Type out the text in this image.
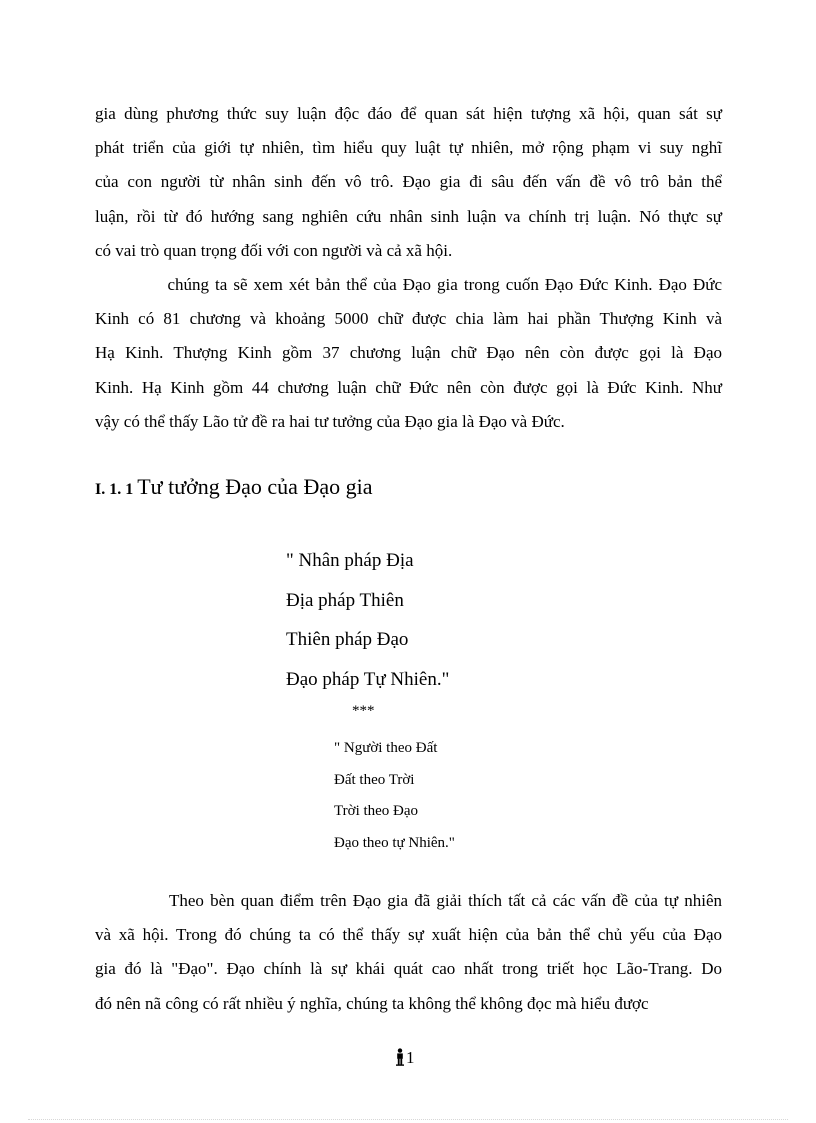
gia dùng phương thức suy luận độc đáo để quan sát hiện tượng xã hội, quan sát sự
phát triển của giới tự nhiên, tìm hiểu quy luật tự nhiên, mở rộng phạm vi suy nghĩ
của con người từ nhân sinh đến vô trô. Đạo gia đi sâu đến vấn đề vô trô bản thể
luận, rồi từ đó hướng sang nghiên cứu nhân sinh luận va chính trị luận. Nó thực sự
có vai trò quan trọng đối với con người và cả xã hội.
chúng ta sẽ xem xét bản thể của Đạo gia trong cuốn Đạo Đức Kinh. Đạo Đức
Kinh có 81 chương và khoảng 5000 chữ được chia làm hai phần Thượng Kinh và
Hạ Kinh. Thượng Kinh gồm 37 chương luận chữ Đạo nên còn được gọi là Đạo
Kinh. Hạ Kinh gồm 44 chương luận chữ Đức nên còn được gọi là Đức Kinh. Như
vậy có thể thấy Lão tử đề ra hai tư tưởng của Đạo gia là Đạo và Đức.
I. 1. 1 Tư tưởng Đạo của Đạo gia
" Nhân pháp Địa
Địa pháp Thiên
Thiên pháp Đạo
Đạo pháp Tự Nhiên."
***
" Người theo Đất
Đất theo Trời
Trời theo Đạo
Đạo theo tự Nhiên."
Theo bèn quan điểm trên Đạo gia đã giải thích tất cả các vấn đề của tự nhiên
và xã hội. Trong đó chúng ta có thể thấy sự xuất hiện của bản thể chủ yếu của Đạo
gia đó là "Đạo". Đạo chính là sự khái quát cao nhất trong triết học Lão-Trang. Do
đó nên nã công có rất nhiều ý nghĩa, chúng ta không thể không đọc mà hiểu được
1
